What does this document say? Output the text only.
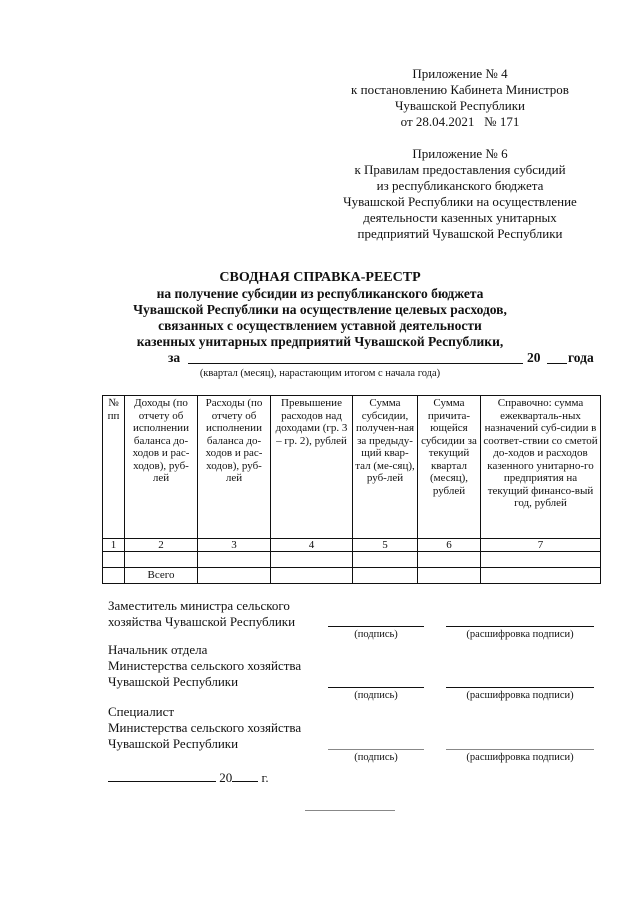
Приложение № 4
к постановлению Кабинета Министров
Чувашской Республики
от 28.04.2021   № 171
Приложение № 6
к Правилам предоставления субсидий
из республиканского бюджета
Чувашской Республики на осуществление
деятельности казенных унитарных
предприятий Чувашской Республики
СВОДНАЯ СПРАВКА-РЕЕСТР
на получение субсидии из республиканского бюджета
Чувашской Республики на осуществление целевых расходов,
связанных с осуществлением уставной деятельности
казенных унитарных предприятий Чувашской Республики,
за	20 года
(квартал (месяц), нарастающим итогом с начала года)
№ пп	Доходы (по отчету об исполнении баланса до-ходов и рас-ходов), руб-лей	Расходы (по отчету об исполнении баланса до-ходов и рас-ходов), руб-лей	Превышение расходов над доходами (гр. 3 – гр. 2), рублей	Сумма субсидии, получен-ная за предыду-щий квар-тал (ме-сяц), руб-лей	Сумма причита-ющейся субсидии за текущий квартал (месяц), рублей	Справочно: сумма ежекварталь-ных назначений суб-сидии в соответ-ствии со сметой до-ходов и расходов казенного унитарно-го предприятия на текущий финансо-вый год, рублей
1	2	3	4	5	6	7

	Всего					
Заместитель министра сельского
хозяйства Чувашской Республики
(подпись)	(расшифровка подписи)
Начальник отдела
Министерства сельского хозяйства
Чувашской Республики
(подпись)	(расшифровка подписи)
Специалист
Министерства сельского хозяйства
Чувашской Республики
(подпись)	(расшифровка подписи)
20 г.
